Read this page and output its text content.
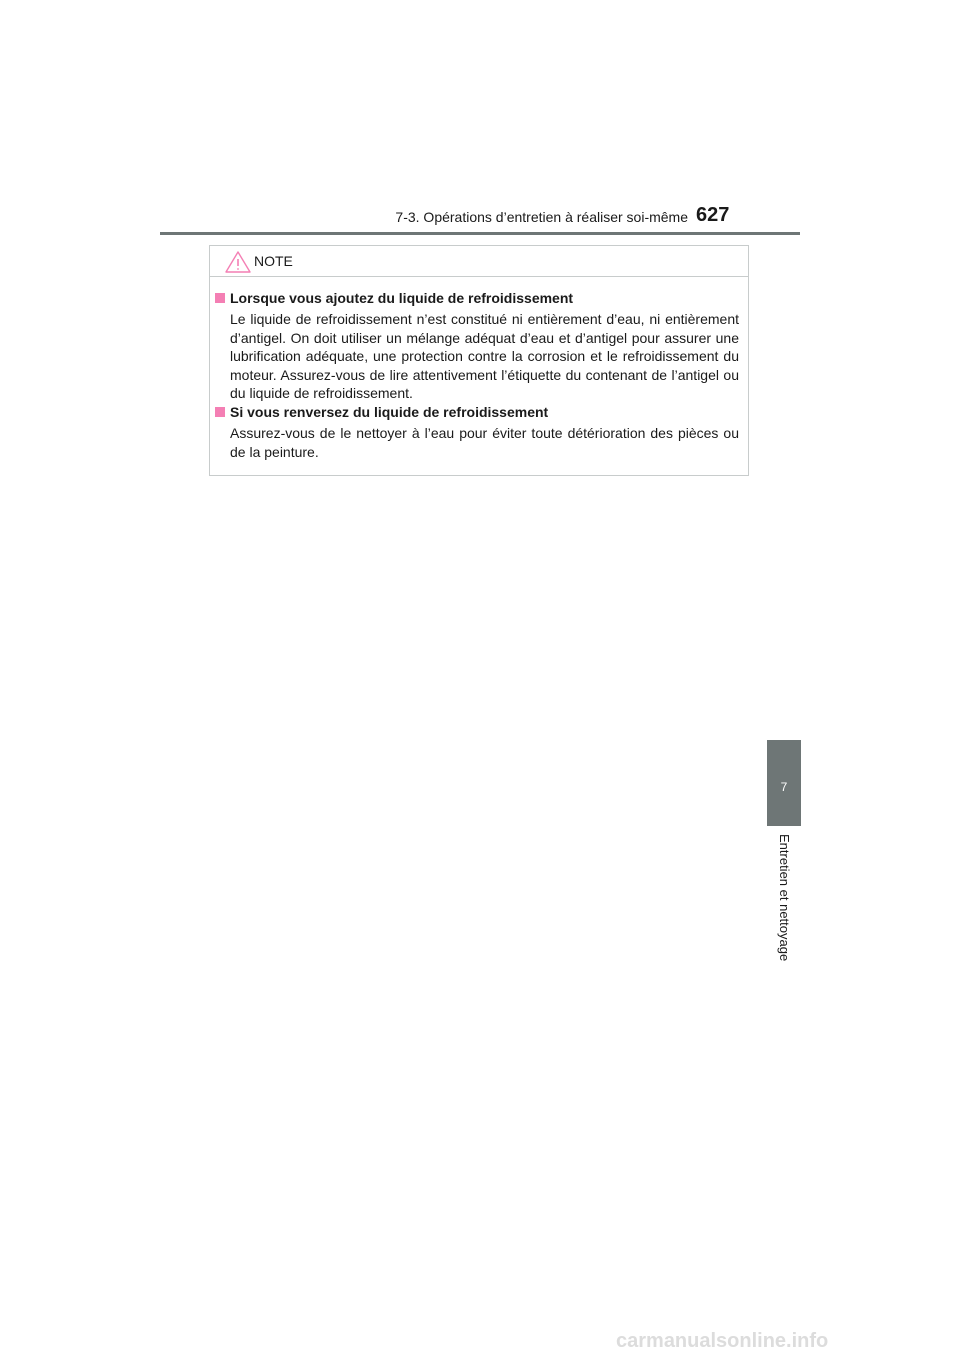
7-3. Opérations d’entretien à réaliser soi-même 627
NOTE
Lorsque vous ajoutez du liquide de refroidissement
Le liquide de refroidissement n’est constitué ni entièrement d’eau, ni entièrement d’antigel. On doit utiliser un mélange adéquat d’eau et d’antigel pour assurer une lubrification adéquate, une protection contre la corrosion et le refroidissement du moteur. Assurez-vous de lire attentivement l’étiquette du contenant de l’antigel ou du liquide de refroidissement.
Si vous renversez du liquide de refroidissement
Assurez-vous de le nettoyer à l’eau pour éviter toute détérioration des pièces ou de la peinture.
7
Entretien et nettoyage
carmanualsonline.info
